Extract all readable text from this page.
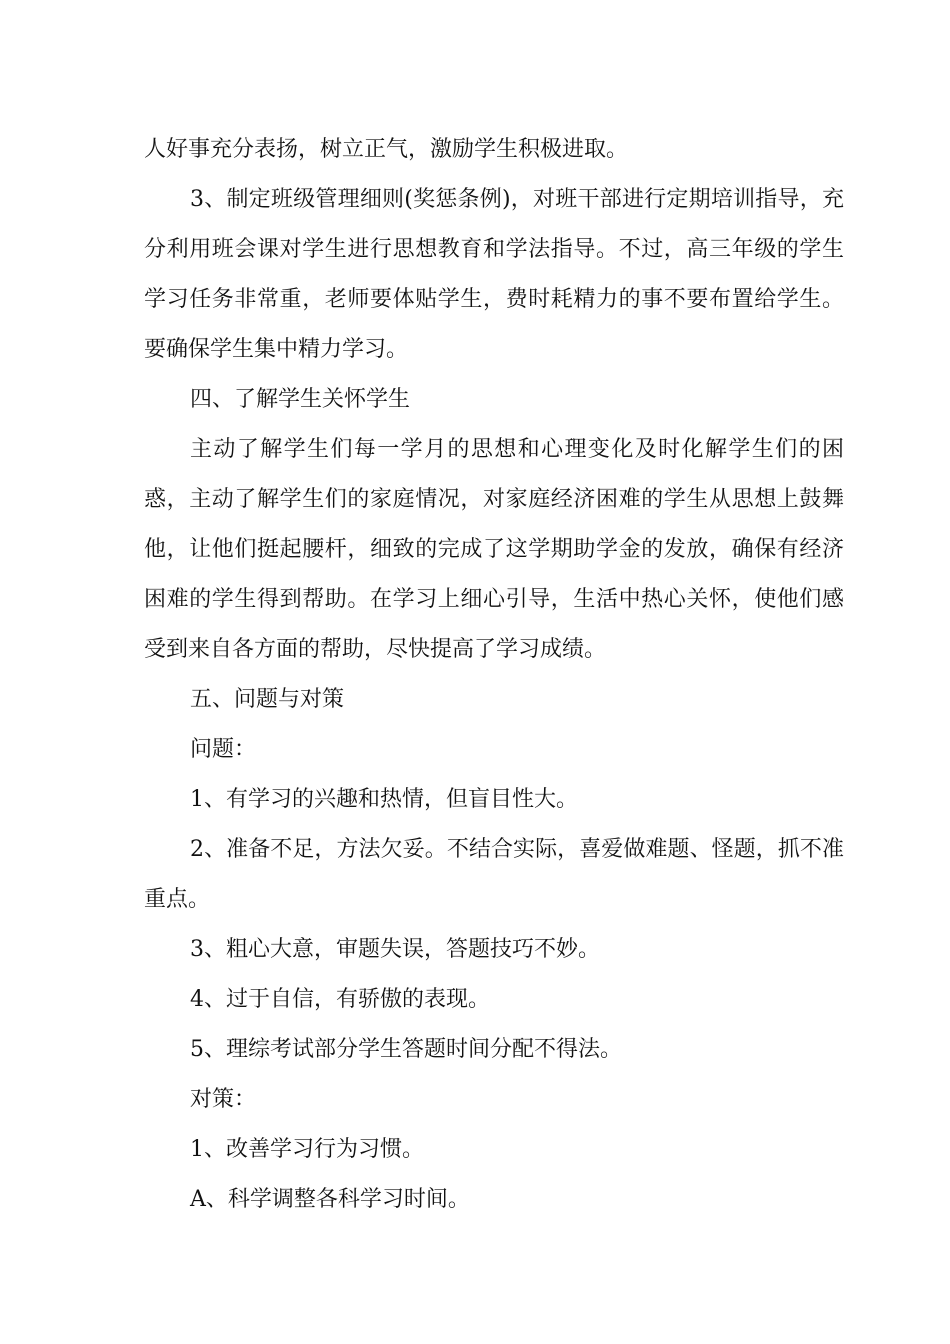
人好事充分表扬，树立正气，激励学生积极进取。

3、制定班级管理细则(奖惩条例)，对班干部进行定期培训指导，充分利用班会课对学生进行思想教育和学法指导。不过，高三年级的学生学习任务非常重，老师要体贴学生，费时耗精力的事不要布置给学生。要确保学生集中精力学习。

四、了解学生关怀学生

主动了解学生们每一学月的思想和心理变化及时化解学生们的困惑，主动了解学生们的家庭情况，对家庭经济困难的学生从思想上鼓舞他，让他们挺起腰杆，细致的完成了这学期助学金的发放，确保有经济困难的学生得到帮助。在学习上细心引导，生活中热心关怀，使他们感受到来自各方面的帮助，尽快提高了学习成绩。

五、问题与对策

问题：

1、有学习的兴趣和热情，但盲目性大。

2、准备不足，方法欠妥。不结合实际，喜爱做难题、怪题，抓不准重点。

3、粗心大意，审题失误，答题技巧不妙。

4、过于自信，有骄傲的表现。

5、理综考试部分学生答题时间分配不得法。

对策：

1、改善学习行为习惯。

A、科学调整各科学习时间。
